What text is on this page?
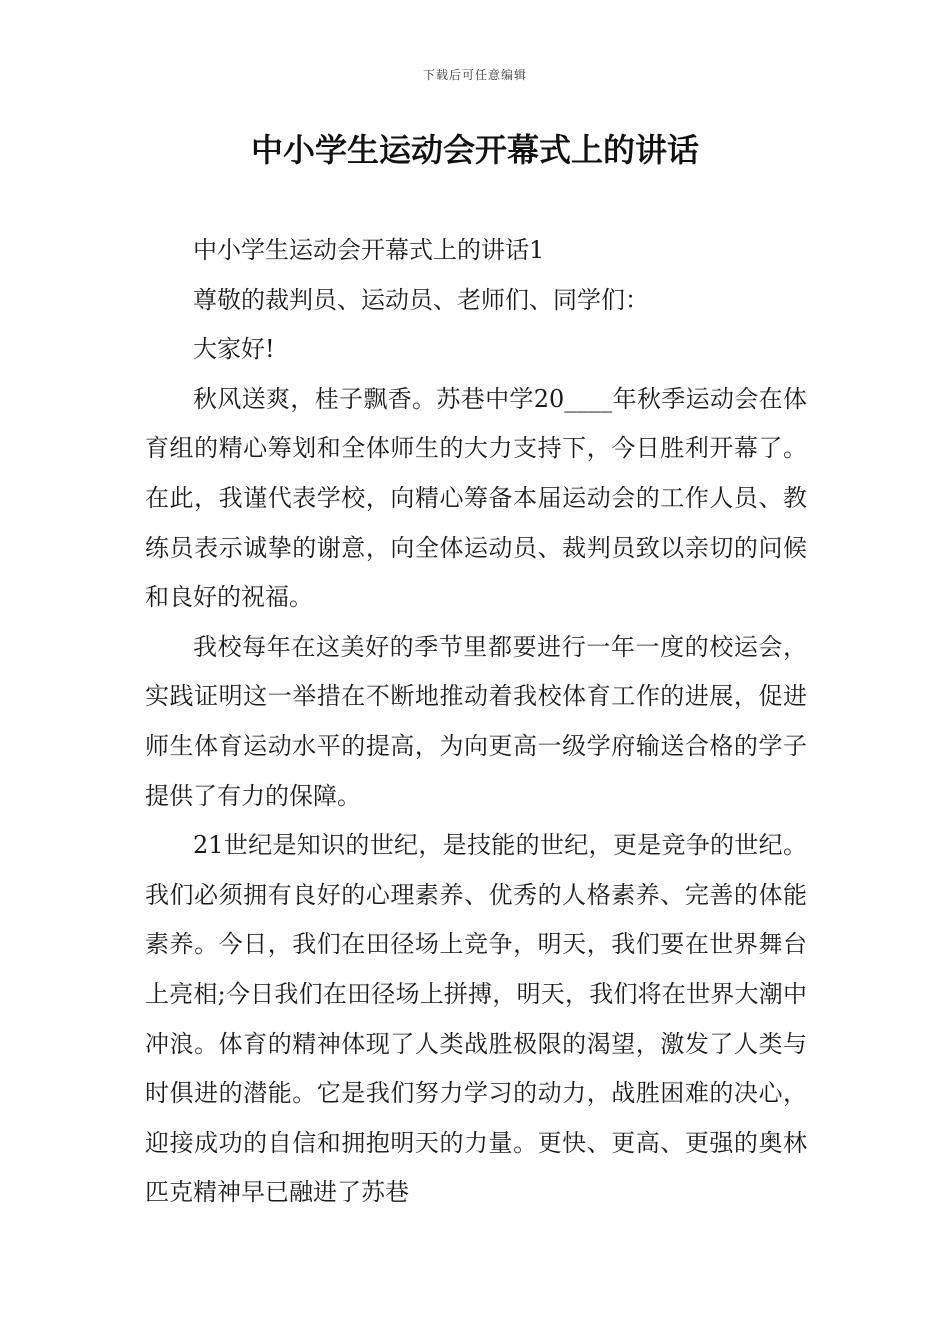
下载后可任意编辑
中小学生运动会开幕式上的讲话

中小学生运动会开幕式上的讲话1

尊敬的裁判员、运动员、老师们、同学们：

大家好!

秋风送爽，桂子飘香。苏巷中学20____年秋季运动会在体育组的精心筹划和全体师生的大力支持下，今日胜利开幕了。在此，我谨代表学校，向精心筹备本届运动会的工作人员、教练员表示诚挚的谢意，向全体运动员、裁判员致以亲切的问候和良好的祝福。

我校每年在这美好的季节里都要进行一年一度的校运会，实践证明这一举措在不断地推动着我校体育工作的进展，促进师生体育运动水平的提高，为向更高一级学府输送合格的学子提供了有力的保障。

21世纪是知识的世纪，是技能的世纪，更是竞争的世纪。我们必须拥有良好的心理素养、优秀的人格素养、完善的体能素养。今日，我们在田径场上竞争，明天，我们要在世界舞台上亮相;今日我们在田径场上拼搏，明天，我们将在世界大潮中冲浪。体育的精神体现了人类战胜极限的渴望，激发了人类与时俱进的潜能。它是我们努力学习的动力，战胜困难的决心，迎接成功的自信和拥抱明天的力量。更快、更高、更强的奥林匹克精神早已融进了苏巷
